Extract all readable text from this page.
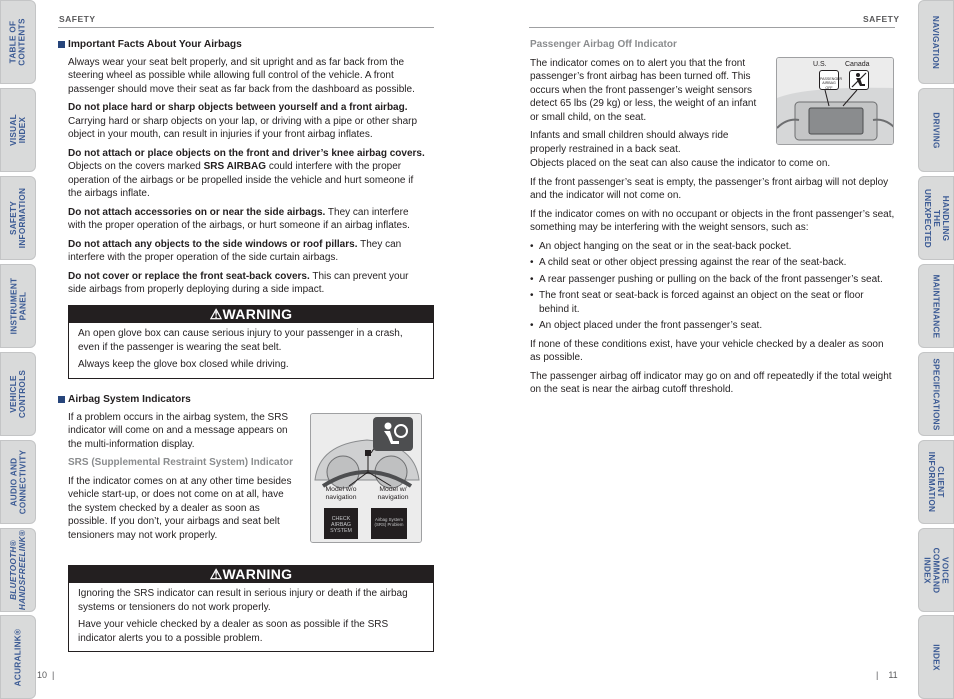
TABLE OF
CONTENTS
VISUAL INDEX
SAFETY
INFORMATION
INSTRUMENT
PANEL
VEHICLE
CONTROLS
AUDIO AND
CONNECTIVITY
BLUETOOTH®
HANDSFREELINK®
ACURALINK®
NAVIGATION
DRIVING
HANDLING THE
UNEXPECTED
MAINTENANCE
SPECIFICATIONS
CLIENT
INFORMATION
VOICE COMMAND
INDEX
INDEX
SAFETY
Important Facts About Your Airbags

Always wear your seat belt properly, and sit upright and as far back from the steering wheel as possible while allowing full control of the vehicle. A front passenger should move their seat as far back from the dashboard as possible.

Do not place hard or sharp objects between yourself and a front airbag. Carrying hard or sharp objects on your lap, or driving with a pipe or other sharp object in your mouth, can result in injuries if your front airbag inflates.

Do not attach or place objects on the front and driver’s knee airbag covers. Objects on the covers marked SRS AIRBAG could interfere with the proper operation of the airbags or be propelled inside the vehicle and hurt someone if the airbags inflate.

Do not attach accessories on or near the side airbags. They can interfere with the proper operation of the airbags, or hurt someone if an airbag inflates.

Do not attach any objects to the side windows or roof pillars. They can interfere with the proper operation of the side curtain airbags.

Do not cover or replace the front seat-back covers. This can prevent your side airbags from properly deploying during a side impact.

⚠WARNING

An open glove box can cause serious injury to your passenger in a crash, even if the passenger is wearing the seat belt.

Always keep the glove box closed while driving.

Airbag System Indicators

If a problem occurs in the airbag system, the SRS indicator will come on and a message appears on the multi-information display.

SRS (Supplemental Restraint System) Indicator

If the indicator comes on at any other time besides vehicle start-up, or does not come on at all, have the system checked by a dealer as soon as possible. If you don’t, your airbags and seat belt tensioners may not work properly.

Model w/o
navigation
Model w/
navigation

CHECK
AIRBAG
SYSTEM

Airbag System
(SRS) Problem

⚠WARNING

Ignoring the SRS indicator can result in serious injury or death if the airbag systems or tensioners do not work properly.

Have your vehicle checked by a dealer as soon as possible if the SRS indicator alerts you to a possible problem.

10  |
SAFETY
Passenger Airbag Off Indicator

The indicator comes on to alert you that the front passenger’s front airbag has been turned off. This occurs when the front passenger’s weight sensors detect 65 lbs (29 kg) or less, the weight of an infant or small child, on the seat.

Infants and small children should always ride properly restrained in a back seat.

Objects placed on the seat can also cause the indicator to come on.

If the front passenger’s seat is empty, the passenger’s front airbag will not deploy and the indicator will not come on.

If the indicator comes on with no occupant or objects in the front passenger’s seat, something may be interfering with the weight sensors, such as:

• An object hanging on the seat or in the seat-back pocket.
• A child seat or other object pressing against the rear of the seat-back.
• A rear passenger pushing or pulling on the back of the front passenger’s seat.
• The front seat or seat-back is forced against an object on the seat or floor behind it.
• An object placed under the front passenger’s seat.

If none of these conditions exist, have your vehicle checked by a dealer as soon as possible.

The passenger airbag off indicator may go on and off repeatedly if the total weight on the seat is near the airbag cutoff threshold.

U.S.	Canada

PASSENGER
AIRBAG
OFF

|    11
